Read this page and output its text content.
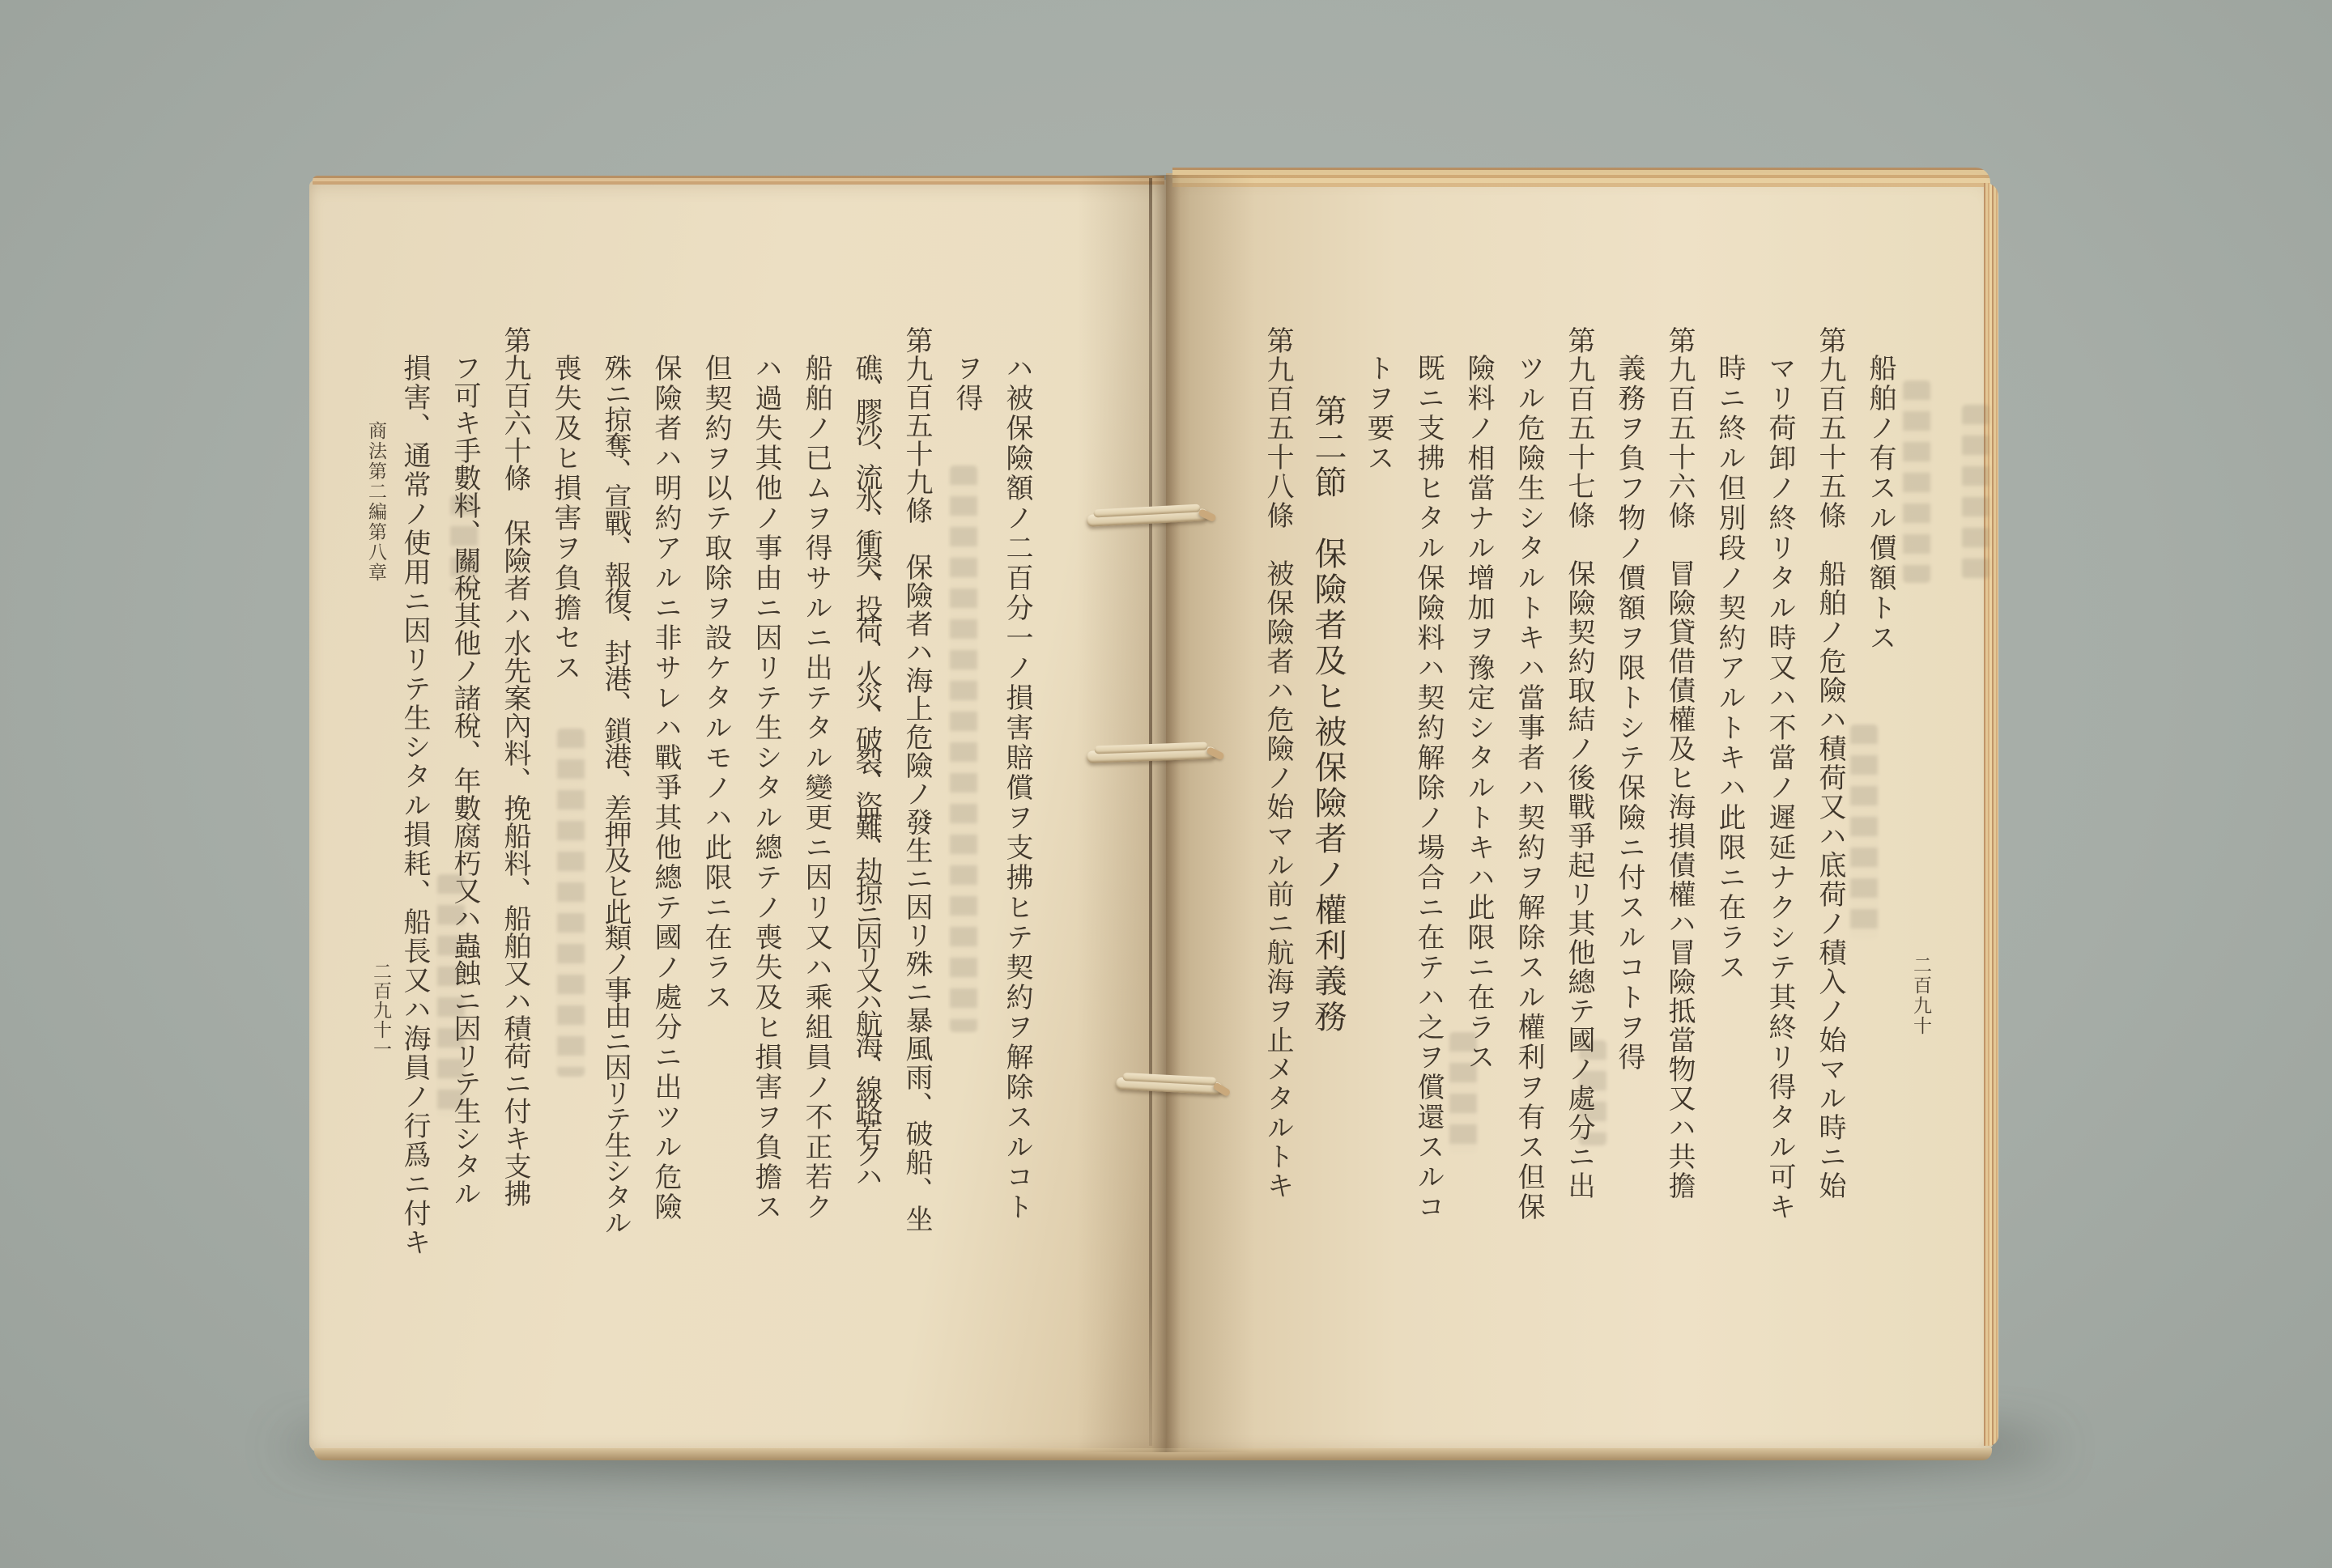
船舶ノ有スル價額トス
第九百五十五條　船舶ノ危險ハ積荷又ハ底荷ノ積入ノ始マル時ニ始
マリ荷卸ノ終リタル時又ハ不當ノ遲延ナクシテ其終リ得タル可キ
時ニ終ル但別段ノ契約アルトキハ此限ニ在ラス
第九百五十六條　冒險貸借債權及ヒ海損債權ハ冒險抵當物又ハ共擔
義務ヲ負フ物ノ價額ヲ限トシテ保險ニ付スルコトヲ得
第九百五十七條　保險契約取結ノ後戰爭起リ其他總テ國ノ處分ニ出
ツル危險生シタルトキハ當事者ハ契約ヲ解除スル權利ヲ有ス但保
險料ノ相當ナル增加ヲ豫定シタルトキハ此限ニ在ラス
既ニ支拂ヒタル保險料ハ契約解除ノ場合ニ在テハ之ヲ償還スルコ
トヲ要ス
第二節　保險者及ヒ被保險者ノ權利義務
第九百五十八條　被保險者ハ危險ノ始マル前ニ航海ヲ止メタルトキ	二百九十
ハ被保險額ノ二百分一ノ損害賠償ヲ支拂ヒテ契約ヲ解除スルコト
ヲ得
第九百五十九條　保險者ハ海上危險ノ發生ニ因リ殊ニ暴風雨、破船、坐
礁、膠沙、流氷、衝突、投荷、火災、破裂、盜難、劫掠ニ因リ又ハ航海、線路若クハ
船舶ノ已ムヲ得サルニ出テタル變更ニ因リ又ハ乘組員ノ不正若ク
ハ過失其他ノ事由ニ因リテ生シタル總テノ喪失及ヒ損害ヲ負擔ス
但契約ヲ以テ取除ヲ設ケタルモノハ此限ニ在ラス
保險者ハ明約アルニ非サレハ戰爭其他總テ國ノ處分ニ出ツル危險
殊ニ掠奪、宣戰、報復、封港、鎖港、差押及ヒ此類ノ事由ニ因リテ生シタル
喪失及ヒ損害ヲ負擔セス
第九百六十條　保險者ハ水先案內料、挽船料、船舶又ハ積荷ニ付キ支拂
フ可キ手數料、關稅其他ノ諸稅、年數腐朽又ハ蟲蝕ニ因リテ生シタル
損害、通常ノ使用ニ因リテ生シタル損耗、船長又ハ海員ノ行爲ニ付キ
商法第二編第八章
二百九十一
